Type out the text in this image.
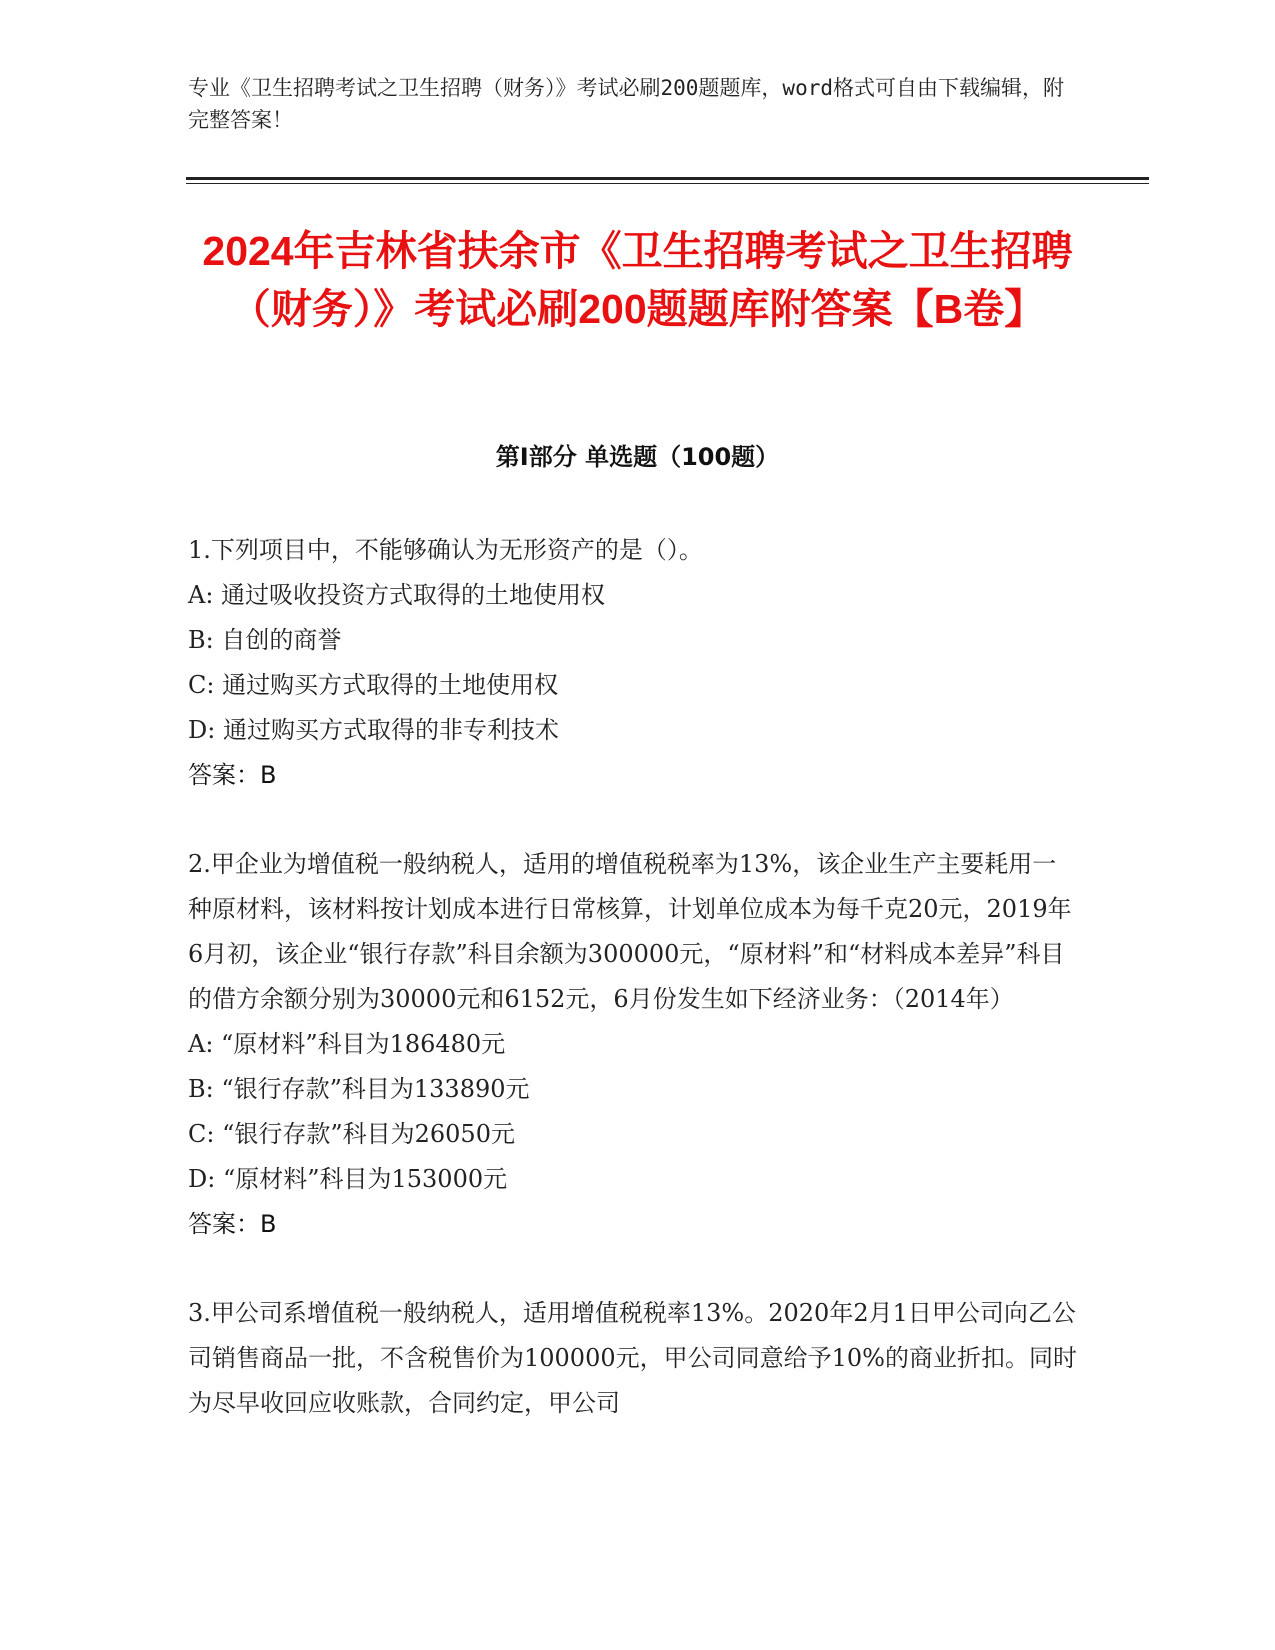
专业《卫生招聘考试之卫生招聘（财务）》考试必刷200题题库，word格式可自由下载编辑，附完整答案！
2024年吉林省扶余市《卫生招聘考试之卫生招聘（财务）》考试必刷200题题库附答案【B卷】
第Ⅰ部分 单选题（100题）

1.下列项目中，不能够确认为无形资产的是（）。

A: 通过吸收投资方式取得的土地使用权

B: 自创的商誉

C: 通过购买方式取得的土地使用权

D: 通过购买方式取得的非专利技术

答案：B

2.甲企业为增值税一般纳税人，适用的增值税税率为13%，该企业生产主要耗用一种原材料，该材料按计划成本进行日常核算，计划单位成本为每千克20元，2019年6月初，该企业“银行存款”科目余额为300000元，“原材料”和“材料成本差异”科目的借方余额分别为30000元和6152元，6月份发生如下经济业务：（2014年）

A: “原材料”科目为186480元

B: “银行存款”科目为133890元

C: “银行存款”科目为26050元

D: “原材料”科目为153000元

答案：B

3.甲公司系增值税一般纳税人，适用增值税税率13%。2020年2月1日甲公司向乙公司销售商品一批，不含税售价为100000元，甲公司同意给予10%的商业折扣。同时为尽早收回应收账款，合同约定，甲公司
